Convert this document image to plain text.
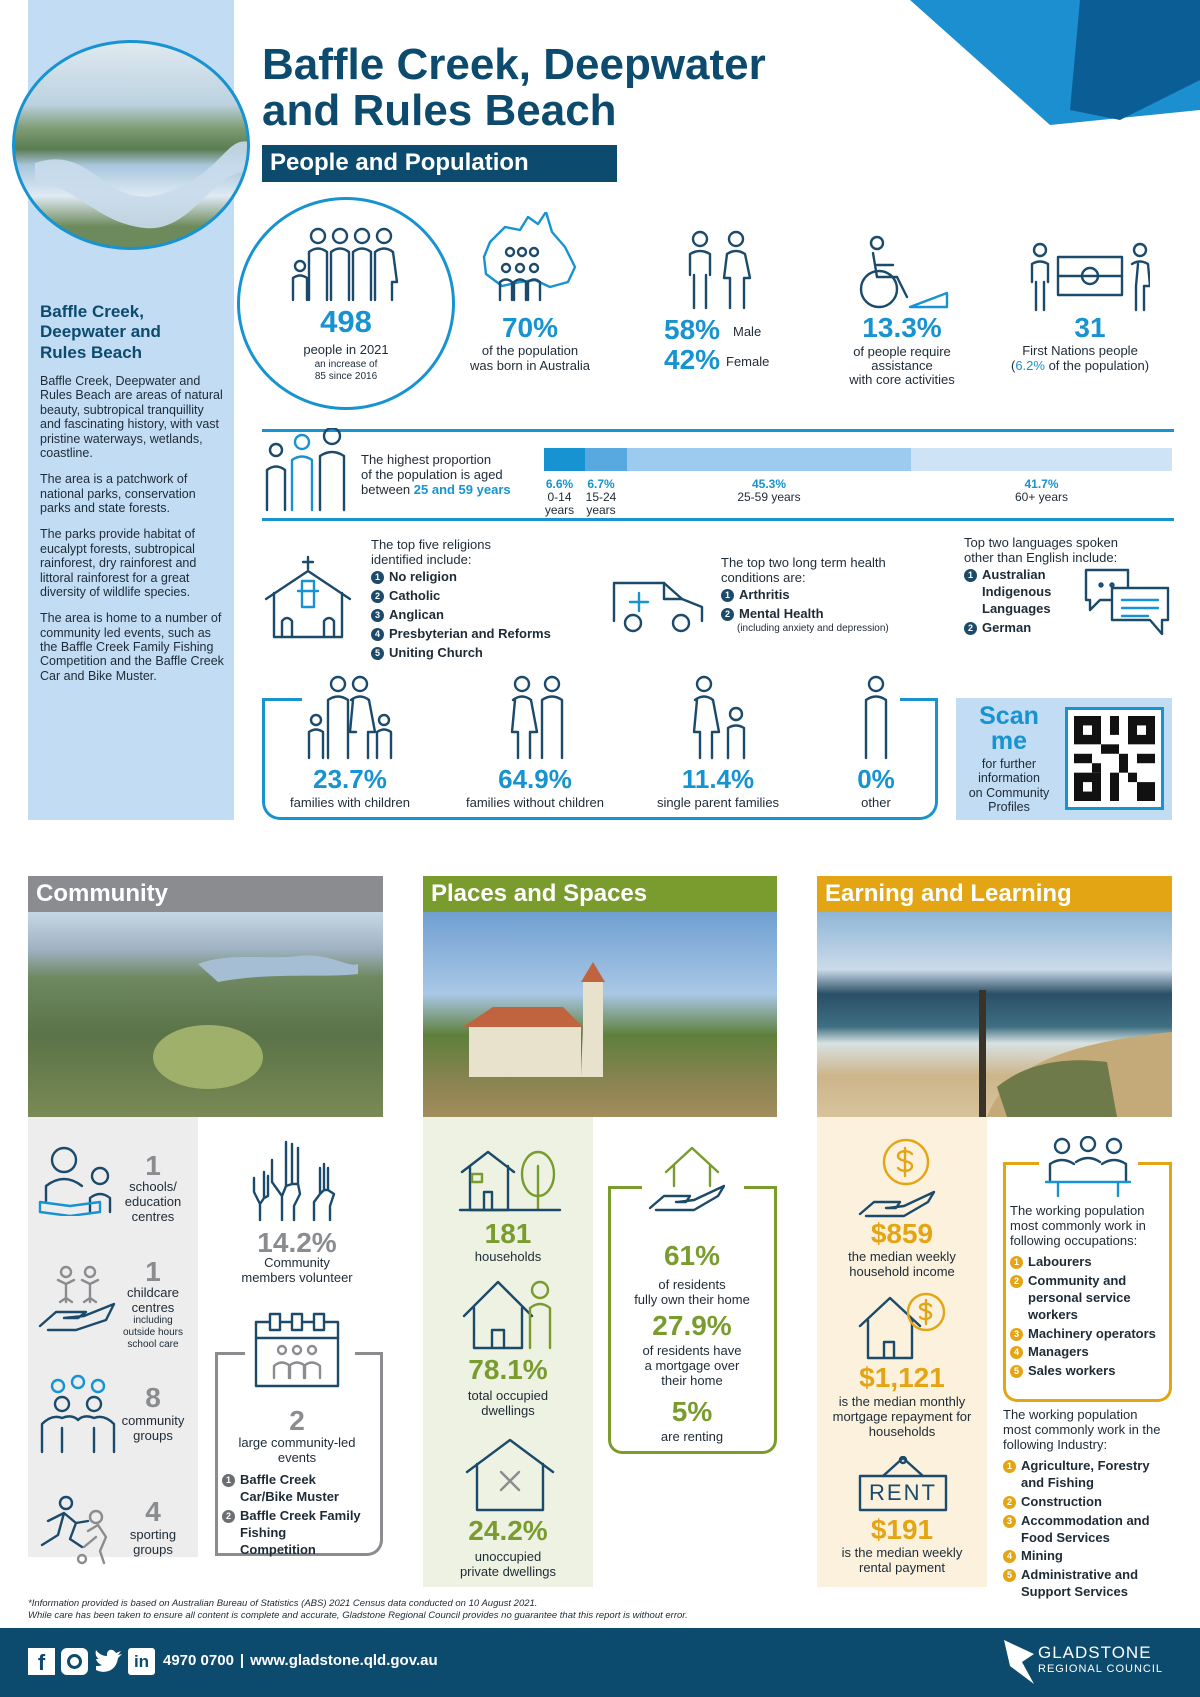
Baffle Creek, Deepwater and Rules Beach

Baffle Creek, Deepwater and Rules Beach are areas of natural beauty, subtropical tranquillity and fascinating history, with vast pristine waterways, wetlands, coastline.

The area is a patchwork of national parks, conservation parks and state forests.

The parks provide habitat of eucalypt forests, subtropical rainforest, dry rainforest and littoral rainforest for a great diversity of wildlife species.

The area is home to a number of community led events, such as the Baffle Creek Family Fishing Competition and the Baffle Creek Car and Bike Muster.

Baffle Creek, Deepwater
and Rules Beach
People and Population
498
people in 2021
an increase of
85 since 2016
70%
of the population
was born in Australia
58% Male
42% Female
13.3%
of people require
assistance
with core activities
31
First Nations people
(6.2% of the population)
The highest proportion
of the population is aged
between 25 and 59 years	6.6%
0-14
years
6.7%
15-24
years
45.3%
25-59 years
41.7%
60+ years
The top five religions
identified include:
1 No religion
2 Catholic
3 Anglican
4 Presbyterian and Reforms
5 Uniting Church
The top two long term health
conditions are:
1 Arthritis
2 Mental Health
(including anxiety and depression)
Top two languages spoken
other than English include:
1 Australian Indigenous Languages
2 German
23.7%
families with children
64.9%
families without children
11.4%
single parent families
0%
other
Scan
me
for further
information
on Community
Profiles
Community
1
schools/
education
centres
1
childcare
centres
including
outside hours
school care
8
community
groups
4
sporting
groups
14.2%
Community
members volunteer
2
large community-led
events
1 Baffle Creek Car/Bike Muster
2 Baffle Creek Family Fishing Competition
Places and Spaces
181
households
78.1%
total occupied
dwellings
24.2%
unoccupied
private dwellings
61%
of residents
fully own their home
27.9%
of residents have
a mortgage over
their home
5%
are renting
Earning and Learning
$859
the median weekly
household income
$1,121
is the median monthly
mortgage repayment for
households
RENT
$191
is the median weekly
rental payment
The working population most commonly work in following occupations:
1 Labourers
2 Community and personal service workers
3 Machinery operators
4 Managers
5 Sales workers
The working population most commonly work in the following Industry:
1 Agriculture, Forestry and Fishing
2 Construction
3 Accommodation and Food Services
4 Mining
5 Administrative and Support Services
*Information provided is based on Australian Bureau of Statistics (ABS) 2021 Census data conducted on 10 August 2021.
While care has been taken to ensure all content is complete and accurate, Gladstone Regional Council provides no guarantee that this report is without error.
f	in 4970 0700 | www.gladstone.qld.gov.au	GLADSTONE
REGIONAL COUNCIL
